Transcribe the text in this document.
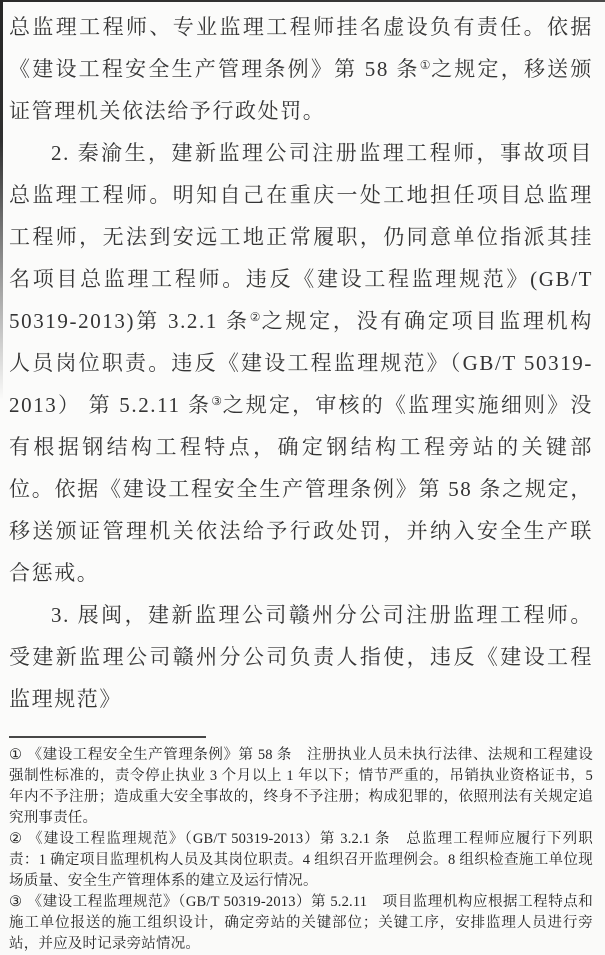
总监理工程师、专业监理工程师挂名虚设负有责任。依据《建设工程安全生产管理条例》第 58 条①之规定，移送颁证管理机关依法给予行政处罚。

2. 秦渝生，建新监理公司注册监理工程师，事故项目总监理工程师。明知自己在重庆一处工地担任项目总监理工程师，无法到安远工地正常履职，仍同意单位指派其挂名项目总监理工程师。违反《建设工程监理规范》(GB/T 50319-2013)第 3.2.1 条②之规定，没有确定项目监理机构人员岗位职责。违反《建设工程监理规范》（GB/T 50319-2013） 第 5.2.11 条③之规定，审核的《监理实施细则》没有根据钢结构工程特点，确定钢结构工程旁站的关键部位。依据《建设工程安全生产管理条例》第 58 条之规定，移送颁证管理机关依法给予行政处罚，并纳入安全生产联合惩戒。

3. 展闽，建新监理公司赣州分公司注册监理工程师。受建新监理公司赣州分公司负责人指使，违反《建设工程监理规范》

① 《建设工程安全生产管理条例》第 58 条　注册执业人员未执行法律、法规和工程建设强制性标准的，责令停止执业 3 个月以上 1 年以下；情节严重的，吊销执业资格证书，5 年内不予注册；造成重大安全事故的，终身不予注册；构成犯罪的，依照刑法有关规定追究刑事责任。

② 《建设工程监理规范》（GB/T 50319-2013）第 3.2.1 条　总监理工程师应履行下列职责：1 确定项目监理机构人员及其岗位职责。4 组织召开监理例会。8 组织检查施工单位现场质量、安全生产管理体系的建立及运行情况。

③ 《建设工程监理规范》（GB/T 50319-2013）第 5.2.11　项目监理机构应根据工程特点和施工单位报送的施工组织设计，确定旁站的关键部位；关键工序，安排监理人员进行旁站，并应及时记录旁站情况。
